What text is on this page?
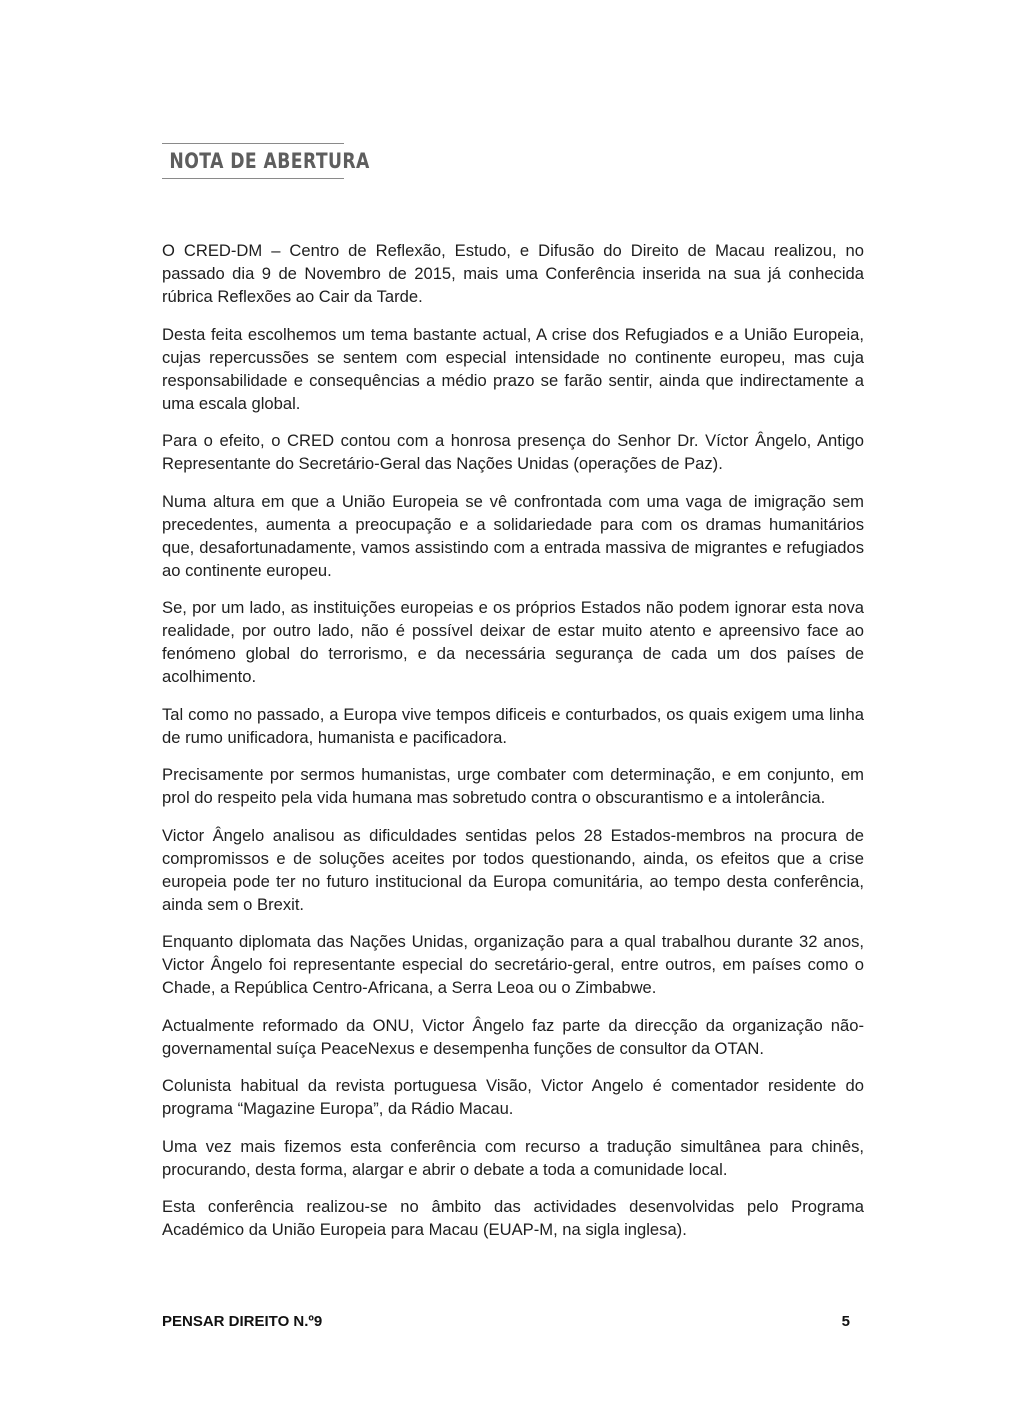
NOTA DE ABERTURA

O CRED-DM – Centro de Reflexão, Estudo, e Difusão do Direito de Macau realizou, no passado dia 9 de Novembro de 2015, mais uma Conferência inserida na sua já conhecida rúbrica Reflexões ao Cair da Tarde.

Desta feita escolhemos um tema bastante actual, A crise dos Refugiados e a União Europeia, cujas repercussões se sentem com especial intensidade no continente europeu, mas cuja responsabilidade e consequências a médio prazo se farão sentir, ainda que indirectamente a uma escala global.

Para o efeito, o CRED contou com a honrosa presença do Senhor Dr. Víctor Ângelo, Antigo Representante do Secretário-Geral das Nações Unidas (operações de Paz).

Numa altura em que a União Europeia se vê confrontada com uma vaga de imigração sem precedentes, aumenta a preocupação e a solidariedade para com os dramas humanitários que, desafortunadamente, vamos assistindo com a entrada massiva de migrantes e refugiados ao continente europeu.

Se, por um lado, as instituições europeias e os próprios Estados não podem ignorar esta nova realidade, por outro lado, não é possível deixar de estar muito atento e apreensivo face ao fenómeno global do terrorismo, e da necessária segurança de cada um dos países de acolhimento.

Tal como no passado, a Europa vive tempos dificeis e conturbados, os quais exigem uma linha de rumo unificadora, humanista e pacificadora.

Precisamente por sermos humanistas, urge combater com determinação, e em conjunto, em prol do respeito pela vida humana mas sobretudo contra o obscurantismo e a intolerância.

Victor Ângelo analisou as dificuldades sentidas pelos 28 Estados-membros na procura de compromissos e de soluções aceites por todos questionando, ainda, os efeitos que a crise europeia pode ter no futuro institucional da Europa comunitária, ao tempo desta conferência, ainda sem o Brexit.

Enquanto diplomata das Nações Unidas, organização para a qual trabalhou durante 32 anos, Victor Ângelo foi representante especial do secretário-geral, entre outros, em países como o Chade, a República Centro-Africana, a Serra Leoa ou o Zimbabwe.

Actualmente reformado da ONU, Victor Ângelo faz parte da direcção da organização não-governamental suíça PeaceNexus e desempenha funções de consultor da OTAN.

Colunista habitual da revista portuguesa Visão, Victor Angelo é comentador residente do programa “Magazine Europa”, da Rádio Macau.

Uma vez mais fizemos esta conferência com recurso a tradução simultânea para chinês, procurando, desta forma, alargar e abrir o debate a toda a comunidade local.

Esta conferência realizou-se no âmbito das actividades desenvolvidas pelo Programa Académico da União Europeia para Macau (EUAP-M, na sigla inglesa).

PENSAR DIREITO N.º9	5
